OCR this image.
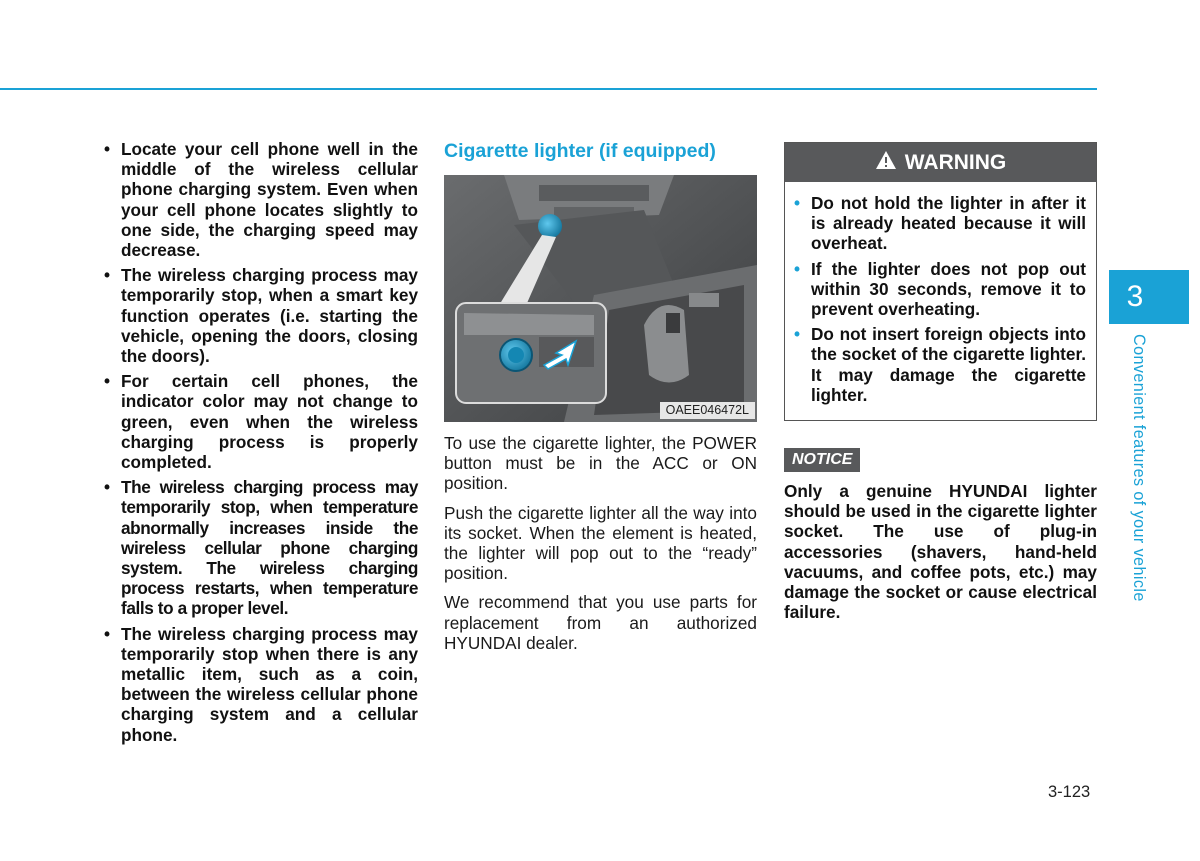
• Locate your cell phone well in the middle of the wireless cellular phone charging system. Even when your cell phone locates slightly to one side, the charging speed may decrease.
• The wireless charging process may temporarily stop, when a smart key function operates (i.e. starting the vehicle, opening the doors, closing the doors).
• For certain cell phones, the indicator color may not change to green, even when the wireless charging process is properly completed.
• The wireless charging process may temporarily stop, when temperature abnormally increases inside the wireless cellular phone charging system. The wireless charging process restarts, when temperature falls to a proper level.
• The wireless charging process may temporarily stop when there is any metallic item, such as a coin, between the wireless cellular phone charging system and a cellular phone.
Cigarette lighter (if equipped)
OAEE046472L

To use the cigarette lighter, the POWER button must be in the ACC or ON position.

Push the cigarette lighter all the way into its socket. When the element is heated, the lighter will pop out to the “ready” position.

We recommend that you use parts for replacement from an authorized HYUNDAI dealer.

WARNING
• Do not hold the lighter in after it is already heated because it will overheat.
• If the lighter does not pop out within 30 seconds, remove it to prevent overheating.
• Do not insert foreign objects into the socket of the cigarette lighter. It may damage the cigarette lighter.
NOTICE

Only a genuine HYUNDAI lighter should be used in the cigarette lighter socket. The use of plug-in accessories (shavers, hand-held vacuums, and coffee pots, etc.) may damage the socket or cause electrical failure.

3
Convenient features of your vehicle
3-123
